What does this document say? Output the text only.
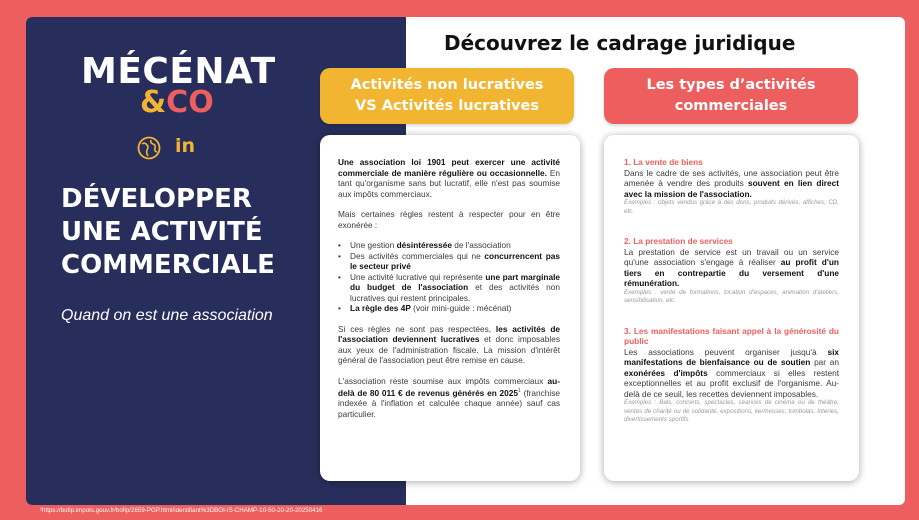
MÉCÉNAT
&CO
in
DÉVELOPPER
UNE ACTIVITÉ
COMMERCIALE
Quand on est une association
Découvrez le cadrage juridique
Activités non lucratives
VS Activités lucratives
Les types d’activités
commerciales

Une association loi 1901 peut exercer une activité commerciale de manière régulière ou occasionnelle. En tant qu'organisme sans but lucratif, elle n'est pas soumise aux impôts commerciaux.

Mais certaines règles restent à respecter pour en être exonérée :

• Une gestion désintéressée de l'association
• Des activités commerciales qui ne concurrencent pas le secteur privé
• Une activité lucrative qui représente une part marginale du budget de l'association et des activités non lucratives qui restent principales.
• La règle des 4P (voir mini-guide : mécénat)

Si ces règles ne sont pas respectées, les activités de l'association deviennent lucratives et donc imposables aux yeux de l'administration fiscale. La mission d'intérêt général de l'association peut être remise en cause.

L'association reste soumise aux impôts commerciaux au-delà de 80 011 € de revenus générés en 2025$^1$ (franchise indexée à l'inflation et calculée chaque année) sauf cas particulier.

1. La vente de biens

Dans le cadre de ses activités, une association peut être amenée à vendre des produits souvent en lien direct avec la mission de l'association.

Exemples : objets vendus grâce à des dons, produits dérivés, affiches, CD, etc.

2. La prestation de services

La prestation de service est un travail ou un service qu'une association s'engage à réaliser au profit d'un tiers en contrepartie du versement d'une rémunération.

Exemples : vente de formations, location d'espaces, animation d'ateliers, sensibilisation, etc.

3. Les manifestations faisant appel à la générosité du public

Les associations peuvent organiser jusqu'à six manifestations de bienfaisance ou de soutien par an exonérées d'impôts commerciaux si elles restent exceptionnelles et au profit exclusif de l'organisme. Au-delà de ce seuil, les recettes deviennent imposables.

Exemples : Bals, concerts, spectacles, séances de cinéma ou de théâtre, ventes de charité ou de solidarité, expositions, kermesses, tombolas, loteries, divertissements sportifs

¹https://bofip.impots.gouv.fr/bofip/2659-PGP.html/identifiant%3DBOI-IS-CHAMP-10-50-20-20-20250416
